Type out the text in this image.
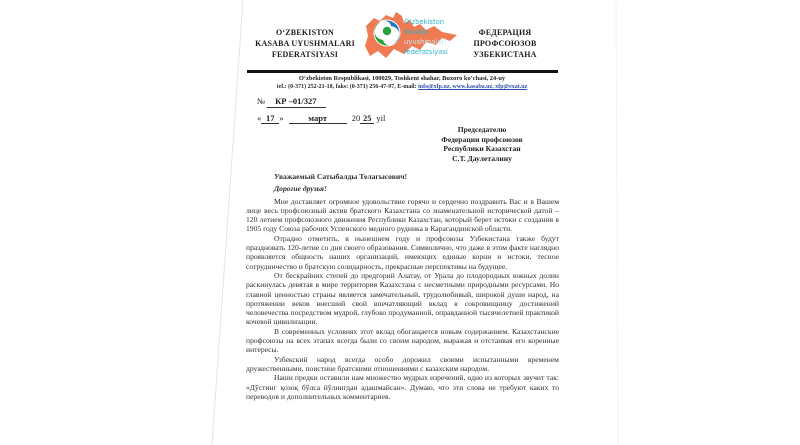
O‘ZBEKISTON
KASABA UYUSHMALARI
FEDERATSIYASI
O‘zbekiston
kasaba
uyushmalari
federatsiyasi
ФЕДЕРАЦИЯ
ПРОФСОЮЗОВ
УЗБЕКИСТАНА
O‘zbekiston Respublikasi, 100029, Toshkent shahar, Buxoro ko‘chasi, 24-uy
tel.: (0-371) 252-21-18, faks: (0-371) 256-47-97, E-mail: info@xfp.uz, www.kasaba.uz, xfp@exat.uz
№ КР –01/327
« 17 »	март	20 25 yil
Председателю
Федерации профсоюзов
Республики Казахстан
С.Т. Даулеталину

Уважаемый Сатыбалды Телагысович!

Дорогие друзья!

Мне доставляет огромное удовольствие горячо и сердечно поздравить Вас и в Вашем лице весь профсоюзный актив братского Казахстана со знаменательной исторической датой – 120 летием профсоюзного движения Республики Казахстан, который берет истоки с создания в 1905 году Союза рабочих Успенского медного рудника в Карагандинской области.

Отрадно отметить, в нынешнем году и профсоюзы Узбекистана также будут праздновать 120-летие со дня своего образования. Символично, что даже в этом факте наглядно проявляется общность наших организаций, имеющих единые корни и истоки, тесное сотрудничество и братскую солидарность, прекрасные перспективы на будущее.

От бескрайних степей до предгорий Алатау, от Урала до плодородных южных долин раскинулась девятая в мире территория Казахстана с несметными природными ресурсами. Но главной ценностью страны является замечательный, трудолюбивый, широкой души народ, на протяжении веков внесший свой впечатляющий вклад в сокровищницу достижений человечества посредством мудрой, глубоко продуманной, оправданной тысячелетней практикой кочевой цивилизации.

В современных условиях этот вклад обогащается новым содержанием. Казахстанские профсоюзы на всех этапах всегда были со своим народом, выражая и отстаивая его коренные интересы.

Узбекский народ всегда особо дорожил своими испытанными временем дружественными, поистине братскими отношениями с казахским народом.

Наши предки оставили нам множество мудрых изречений, одно из которых звучит так: «Дўстинг қозоқ бўлса йўлингдан адашмайсан». Думаю, что эти слова не требуют каких то переводов и дополнительных комментариев.
